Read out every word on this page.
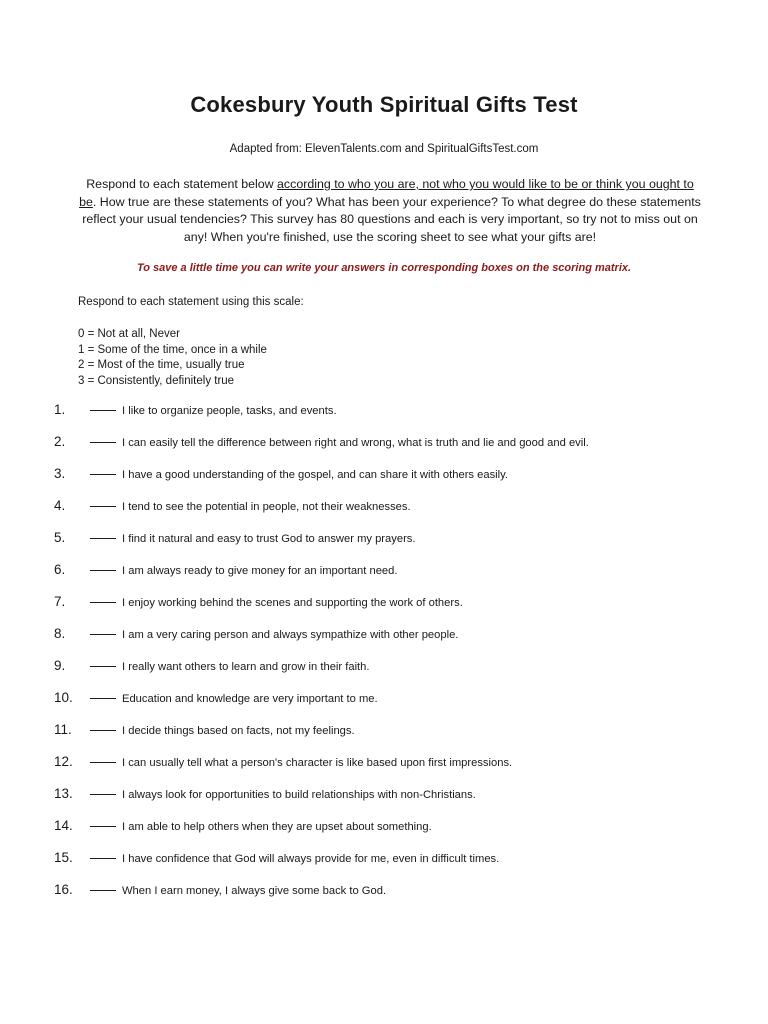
Cokesbury Youth Spiritual Gifts Test
Adapted from: ElevenTalents.com and SpiritualGiftsTest.com
Respond to each statement below according to who you are, not who you would like to be or think you ought to be. How true are these statements of you? What has been your experience? To what degree do these statements reflect your usual tendencies? This survey has 80 questions and each is very important, so try not to miss out on any! When you're finished, use the scoring sheet to see what your gifts are!
To save a little time you can write your answers in corresponding boxes on the scoring matrix.
Respond to each statement using this scale:
0 = Not at all, Never
1 = Some of the time, once in a while
2 = Most of the time, usually true
3 = Consistently, definitely true
1.	I like to organize people, tasks, and events.
2.	I can easily tell the difference between right and wrong, what is truth and lie and good and evil.
3.	I have a good understanding of the gospel, and can share it with others easily.
4.	I tend to see the potential in people, not their weaknesses.
5.	I find it natural and easy to trust God to answer my prayers.
6.	I am always ready to give money for an important need.
7.	I enjoy working behind the scenes and supporting the work of others.
8.	I am a very caring person and always sympathize with other people.
9.	I really want others to learn and grow in their faith.
10.	Education and knowledge are very important to me.
11.	I decide things based on facts, not my feelings.
12.	I can usually tell what a person's character is like based upon first impressions.
13.	I always look for opportunities to build relationships with non-Christians.
14.	I am able to help others when they are upset about something.
15.	I have confidence that God will always provide for me, even in difficult times.
16.	When I earn money, I always give some back to God.
